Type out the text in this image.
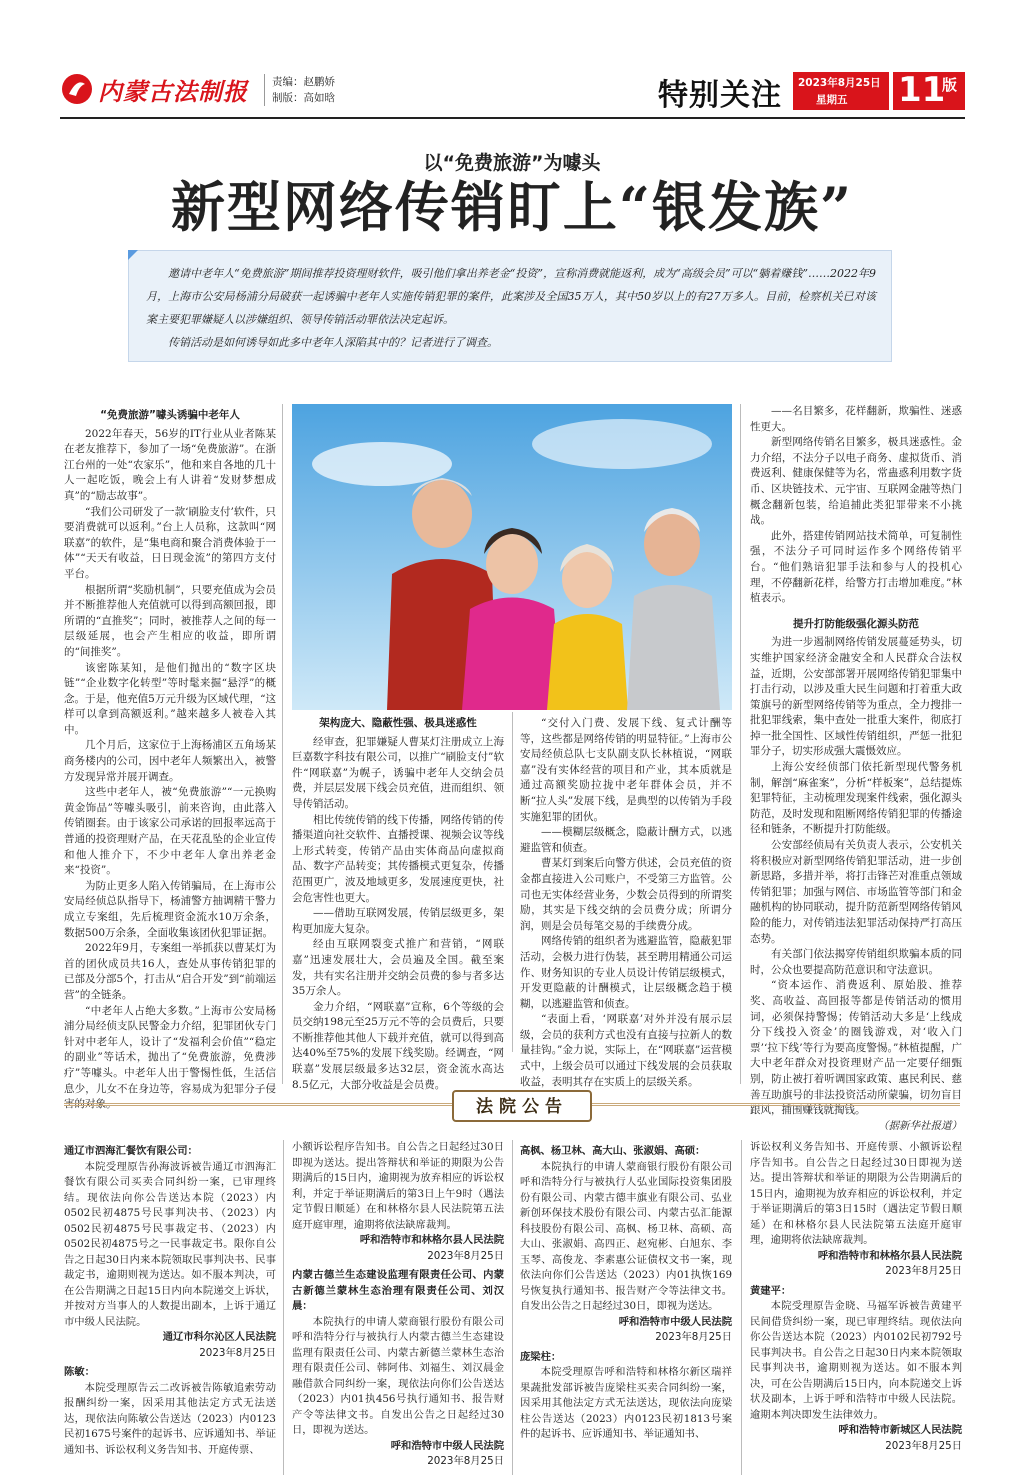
内蒙古法制报 责编：赵鹏娇
制版：高如晗	特别关注 2023年8月25日
星期五 11
版
以“免费旅游”为噱头
新型网络传销盯上“银发族”

邀请中老年人“免费旅游”期间推荐投资理财软件，吸引他们拿出养老金“投资”，宣称消费就能返利，成为“高级会员”可以“躺着赚钱”……2022年9月，上海市公安局杨浦分局破获一起诱骗中老年人实施传销犯罪的案件，此案涉及全国35万人，其中50岁以上的有27万多人。目前，检察机关已对该案主要犯罪嫌疑人以涉嫌组织、领导传销活动罪依法决定起诉。

传销活动是如何诱导如此多中老年人深陷其中的？记者进行了调查。

“免费旅游”噱头诱骗中老年人

2022年春天，56岁的IT行业从业者陈某在老友推荐下，参加了一场“免费旅游”。在浙江台州的一处“农家乐”，他和来自各地的几十人一起吃饭，晚会上有人讲着“发财梦想成真”的“励志故事”。

“我们公司研发了一款‘刷脸支付’软件，只要消费就可以返利。”台上人员称，这款叫“网联嘉”的软件，是“集电商和聚合消费体验于一体”“天天有收益，日日现金流”的第四方支付平台。

根据所谓“奖励机制”，只要充值成为会员并不断推荐他人充值就可以得到高额回报，即所谓的“直推奖”；同时，被推荐人之间的每一层级延展，也会产生相应的收益，即所谓的“间推奖”。

该密陈某知，是他们抛出的“数字区块链”“企业数字化转型”等时髦来掘“悬浮”的概念。于是，他充值5万元升级为区域代理，“这样可以拿到高额返利。”越来越多人被卷入其中。

几个月后，这家位于上海杨浦区五角场某商务楼内的公司，因中老年人频繁出入，被警方发现异常并展开调查。

这些中老年人，被“免费旅游”“一元换购黄金饰品”等噱头吸引，前来咨询，由此落入传销圈套。由于该家公司承诺的回报率远高于普通的投资理财产品，在天花乱坠的企业宣传和他人推介下，不少中老年人拿出养老金来“投资”。

为防止更多人陷入传销骗局，在上海市公安局经侦总队指导下，杨浦警方抽调精干警力成立专案组，先后梳理资金流水10万余条，数据500万余条，全面收集该团伙犯罪证据。

2022年9月，专案组一举抓获以曹某灯为首的团伙成员共16人，查处从事传销犯罪的已部及分部5个，打击从“启合开发”到“前端运营”的全链条。

“中老年人占绝大多数。”上海市公安局杨浦分局经侦支队民警金力介绍，犯罪团伙专门针对中老年人，设计了“发福利会价值”“稳定的副业”等话术，抛出了“免费旅游，免费涉疗”等噱头。中老年人出于警惕性低，生活信息少，儿女不在身边等，容易成为犯罪分子侵害的对象。

架构庞大、隐蔽性强、极具迷惑性

经审查，犯罪嫌疑人曹某灯注册成立上海巨嘉数字科技有限公司，以推广“刷脸支付”软件“网联嘉”为幌子，诱骗中老年人交纳会员费，并层层发展下线会员充值，进而组织、领导传销活动。

相比传统传销的线下传播，网络传销的传播渠道向社交软件、直播授课、视频会议等线上形式转变，传销产品由实体商品向虚拟商品、数字产品转变；其传播模式更复杂，传播范围更广，波及地域更多，发展速度更快，社会危害性也更大。

——借助互联网发展，传销层级更多，架构更加庞大复杂。

经由互联网裂变式推广和营销，“网联嘉”迅速发展壮大，会员遍及全国。截至案发，共有实名注册并交纳会员费的参与者多达35万余人。

金力介绍，“网联嘉”宣称，6个等级的会员交纳198元至25万元不等的会员费后，只要不断推荐他其他人下载并充值，就可以得到高达40%至75%的发展下线奖励。经调查，“网联嘉”发展层级最多达32层，资金流水高达8.5亿元，大部分收益是会员费。

“交付入门费、发展下线、复式计酬等等，这些都是网络传销的明显特征。”上海市公安局经侦总队七支队副支队长林植说，“网联嘉”没有实体经营的项目和产业，其本质就是通过高额奖励拉拢中老年群体会员，并不断“拉人头”发展下线，是典型的以传销为手段实施犯罪的团伙。

——模糊层级概念，隐蔽计酬方式，以逃避监管和侦查。

曹某灯到案后向警方供述，会员充值的资金都直接进入公司账户，不受第三方监管。公司也无实体经营业务，少数会员得到的所谓奖励，其实是下线交纳的会员费分成；所谓分润，则是会员每笔交易的手续费分成。

网络传销的组织者为逃避监管，隐蔽犯罪活动，会极力进行伪装，甚至聘用精通公司运作、财务知识的专业人员设计传销层级模式，开发更隐蔽的计酬模式，让层级概念趋于模糊，以逃避监管和侦查。

“表面上看，‘网联嘉’对外并没有展示层级，会员的获利方式也没有直接与拉新人的数量挂钩。”金力说，实际上，在“网联嘉”运营模式中，上级会员可以通过下线发展的会员获取收益，表明其存在实质上的层级关系。

——名目繁多，花样翻新，欺骗性、迷惑性更大。

新型网络传销名目繁多，极具迷惑性。金力介绍，不法分子以电子商务、虚拟货币、消费返利、健康保健等为名，常蛊惑利用数字货币、区块链技术、元宇宙、互联网金融等热门概念翻新包装，给追捕此类犯罪带来不小挑战。

此外，搭建传销网站技术简单，可复制性强，不法分子可同时运作多个网络传销平台。“他们熟谙犯罪手法和参与人的投机心理，不停翻新花样，给警方打击增加难度。”林植表示。

提升打防能级强化源头防范

为进一步遏制网络传销发展蔓延势头，切实维护国家经济金融安全和人民群众合法权益，近期，公安部部署开展网络传销犯罪集中打击行动，以涉及重大民生问题和打着重大政策旗号的新型网络传销等为重点，全力搜排一批犯罪线索，集中查处一批重大案件，彻底打掉一批全国性、区域性传销组织，严惩一批犯罪分子，切实形成强大震慑效应。

上海公安经侦部门依托新型现代警务机制，解剖“麻雀案”，分析“样板案”，总结提炼犯罪特征，主动梳理发现案件线索，强化源头防范，及时发现和阻断网络传销犯罪的传播途径和链条，不断提升打防能级。

公安部经侦局有关负责人表示，公安机关将积极应对新型网络传销犯罪活动，进一步创新思路，多措并举，将打击锋芒对准重点领域传销犯罪；加强与网信、市场监管等部门和金融机构的协同联动，提升防范新型网络传销风险的能力，对传销违法犯罪活动保持严打高压态势。

有关部门依法揭穿传销组织欺骗本质的同时，公众也要提高防范意识和守法意识。

“资本运作、消费返利、原始股、推荐奖、高收益、高回报等都是传销活动的惯用词，必须保持警惕；传销活动大多是‘上线成分下线投入资金’的圈钱游戏，对‘收入门票’‘拉下线’等行为要高度警惕。”林植提醒，广大中老年群众对投资理财产品一定要仔细甄别，防止被打着听调国家政策、惠民利民、慈善互助旗号的非法投资活动所蒙骗，切勿盲目跟风，捕围赚钱就掏钱。

（据新华社报道）

法院公告

通辽市泗海汇餐饮有限公司：

本院受理原告孙海波诉被告通辽市泗海汇餐饮有限公司买卖合同纠纷一案，已审理终结。现依法向你公告送达本院（2023）内0502民初4875号民事判决书、（2023）内0502民初4875号民事裁定书、（2023）内0502民初4875号之一民事裁定书。限你自公告之日起30日内来本院领取民事判决书、民事裁定书，逾期则视为送达。如不服本判决，可在公告期满之日起15日内向本院递交上诉状，并按对方当事人的人数提出副本，上诉于通辽市中级人民法院。

通辽市科尔沁区人民法院

2023年8月25日

陈敏：

本院受理原告云二改诉被告陈敏追索劳动报酬纠纷一案，因采用其他法定方式无法送达，现依法向陈敏公告送达（2023）内0123民初1675号案件的起诉书、应诉通知书、举证通知书、诉讼权利义务告知书、开庭传票、

小额诉讼程序告知书。自公告之日起经过30日即视为送达。提出答辩状和举证的期限为公告期满后的15日内，逾期视为放弃相应的诉讼权利，并定于举证期满后的第3日上午9时（遇法定节假日顺延）在和林格尔县人民法院第五法庭开庭审理，逾期将依法缺席裁判。

呼和浩特市和林格尔县人民法院

2023年8月25日

内蒙古德兰生态建设监理有限责任公司、内蒙古新德兰蒙林生态治理有限责任公司、刘汉晨：

本院执行的申请人蒙商银行股份有限公司呼和浩特分行与被执行人内蒙古德兰生态建设监理有限责任公司、内蒙古新德兰蒙林生态治理有限责任公司、韩阿伟、刘福生、刘汉晨金融借款合同纠纷一案，现依法向你们公告送达（2023）内01执456号执行通知书、报告财产令等法律文书。自发出公告之日起经过30日，即视为送达。

呼和浩特市中级人民法院

2023年8月25日

高枫、杨卫林、高大山、张淑娟、高硕：

本院执行的申请人蒙商银行股份有限公司呼和浩特分行与被执行人弘业国际投资集团股份有限公司、内蒙古德丰旗业有限公司、弘业新创环保技术股份有限公司、内蒙古弘汇能源科技股份有限公司、高枫、杨卫林、高硕、高大山、张淑娟、高四正、赵宛彬、白旭东、李玉琴、高俊龙、李素惠公证债权文书一案，现依法向你们公告送达（2023）内01执恢169号恢复执行通知书、报告财产令等法律文书。自发出公告之日起经过30日，即视为送达。

呼和浩特市中级人民法院

2023年8月25日

庞梁柱：

本院受理原告呼和浩特和林格尔新区瑞祥果蔬批发部诉被告庞梁柱买卖合同纠纷一案，因采用其他法定方式无法送达，现依法向庞梁柱公告送达（2023）内0123民初1813号案件的起诉书、应诉通知书、举证通知书、

诉讼权利义务告知书、开庭传票、小额诉讼程序告知书。自公告之日起经过30日即视为送达。提出答辩状和举证的期限为公告期满后的15日内，逾期视为放弃相应的诉讼权利，并定于举证期满后的第3日15时（遇法定节假日顺延）在和林格尔县人民法院第五法庭开庭审理，逾期将依法缺席裁判。

呼和浩特市和林格尔县人民法院

2023年8月25日

黄建平：

本院受理原告金晓、马福军诉被告黄建平民间借贷纠纷一案，现已审理终结。现依法向你公告送达本院（2023）内0102民初792号民事判决书。自公告之日起30日内来本院领取民事判决书，逾期则视为送达。如不服本判决，可在公告期满后15日内，向本院递交上诉状及副本，上诉于呼和浩特市中级人民法院。逾期本判决即发生法律效力。

呼和浩特市新城区人民法院

2023年8月25日
